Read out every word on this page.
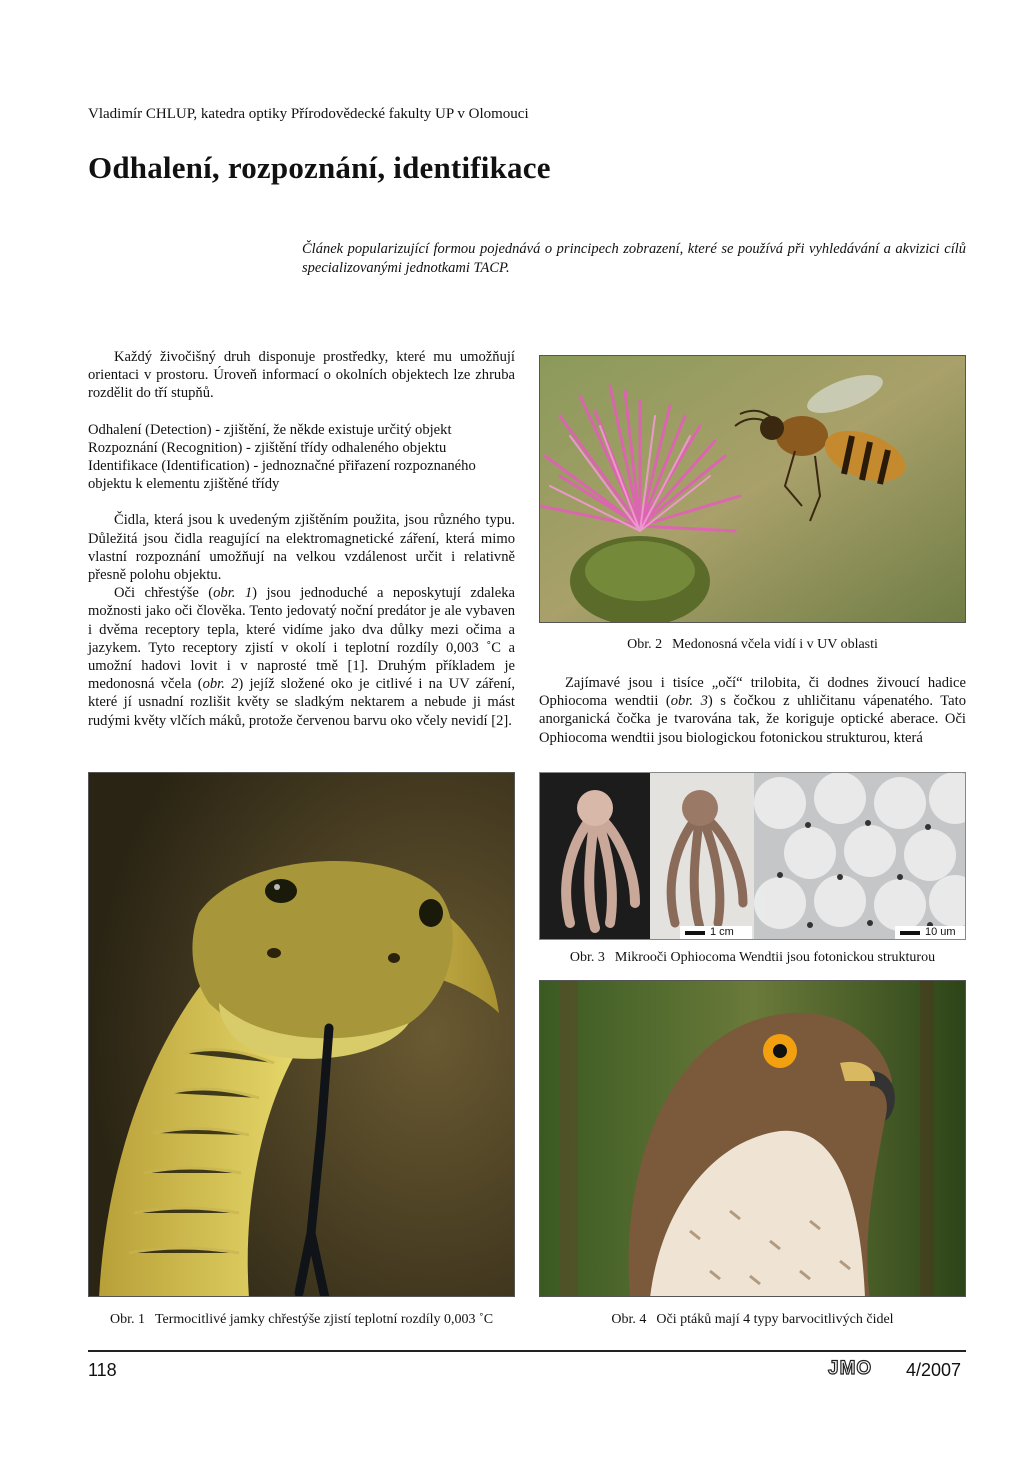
Vladimír CHLUP, katedra optiky Přírodovědecké fakulty UP v Olomouci
Odhalení, rozpoznání, identifikace

Článek popularizující formou pojednává o principech zobrazení, které se používá při vyhledávání a akvizici cílů specializovanými jednotkami TACP.

Každý živočišný druh disponuje prostředky, které mu umožňují orientaci v prostoru. Úroveň informací o okolních objektech lze zhruba rozdělit do tří stupňů.

Odhalení (Detection) - zjištění, že někde existuje určitý objekt

Rozpoznání (Recognition) - zjištění třídy odhaleného objektu

Identifikace (Identification) - jednoznačné přiřazení rozpoznaného objektu k elementu zjištěné třídy

Čidla, která jsou k uvedeným zjištěním použita, jsou různého typu. Důležitá jsou čidla reagující na elektromagnetické záření, která mimo vlastní rozpoznání umožňují na velkou vzdálenost určit i relativně přesně polohu objektu.

Oči chřestýše (obr. 1) jsou jednoduché a neposkytují zdaleka možnosti jako oči člověka. Tento jedovatý noční predátor je ale vybaven i dvěma receptory tepla, které vidíme jako dva důlky mezi očima a jazykem. Tyto receptory zjistí v okolí i teplotní rozdíly 0,003 ˚C a umožní hadovi lovit i v naprosté tmě [1]. Druhým příkladem je medonosná včela (obr. 2) jejíž složené oko je citlivé i na UV záření, které jí usnadní rozlišit květy se sladkým nektarem a nebude ji mást rudými květy vlčích máků, protože červenou barvu oko včely nevidí [2].

Zajímavé jsou i tisíce „očí“ trilobita, či dodnes živoucí hadice Ophiocoma wendtii (obr. 3) s čočkou z uhličitanu vápenatého. Tato anorganická čočka je tvarována tak, že koriguje optické aberace. Oči Ophiocoma wendtii jsou biologickou fotonickou strukturou, která

Obr. 2 Medonosná včela vidí i v UV oblasti
Obr. 1 Termocitlivé jamky chřestýše zjistí teplotní rozdíly 0,003 ˚C
1 cm	10 um
Obr. 3 Mikrooči Ophiocoma Wendtii jsou fotonickou strukturou
Obr. 4 Oči ptáků mají 4 typy barvocitlivých čidel
118	JMO 4/2007
